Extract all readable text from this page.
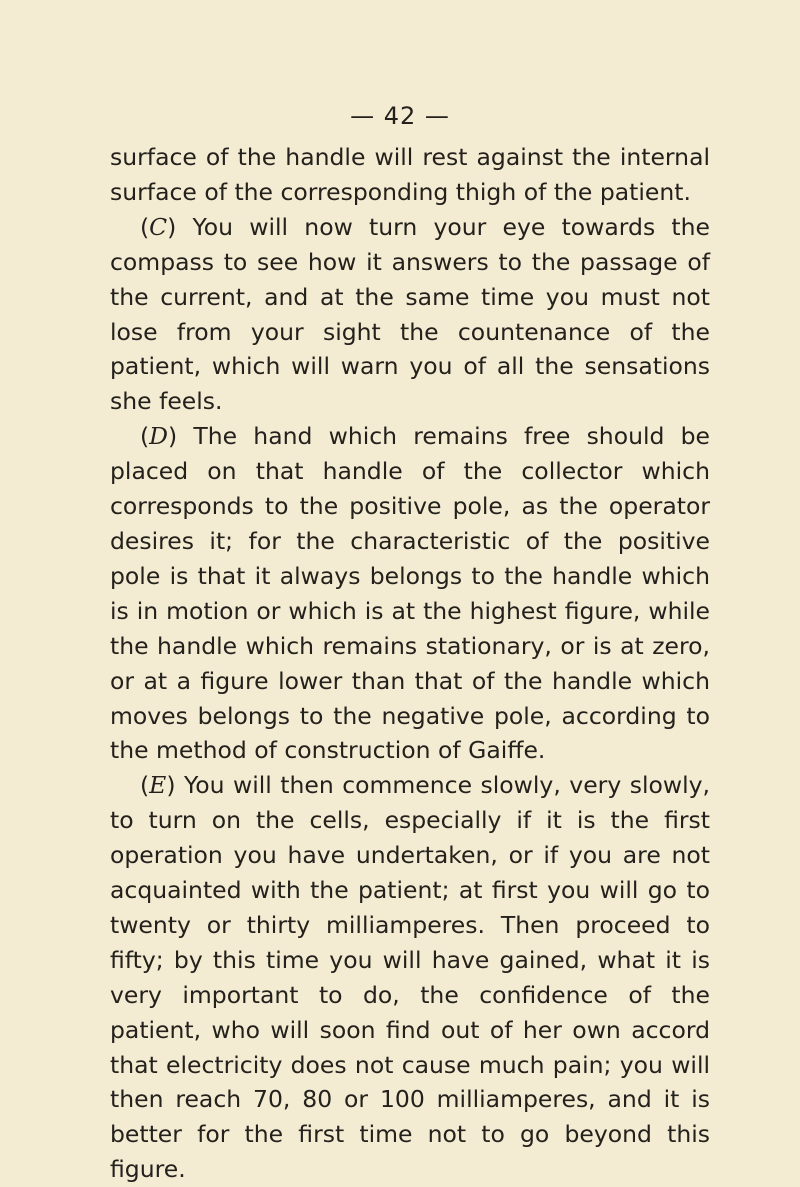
— 42 —

surface of the handle will rest against the internal surface of the corresponding thigh of the patient.

(C) You will now turn your eye towards the compass to see how it answers to the passage of the current, and at the same time you must not lose from your sight the countenance of the patient, which will warn you of all the sensations she feels.

(D) The hand which remains free should be placed on that handle of the collector which corresponds to the positive pole, as the operator desires it; for the characteristic of the positive pole is that it always belongs to the handle which is in motion or which is at the highest figure, while the handle which remains stationary, or is at zero, or at a figure lower than that of the handle which moves belongs to the negative pole, according to the method of construction of Gaiffe.

(E) You will then commence slowly, very slowly, to turn on the cells, especially if it is the first operation you have undertaken, or if you are not acquainted with the patient; at first you will go to twenty or thirty milliamperes. Then proceed to fifty; by this time you will have gained, what it is very important to do, the confidence of the patient, who will soon find out of her own accord that electricity does not cause much pain; you will then reach 70, 80 or 100 milliamperes, and it is better for the first time not to go beyond this figure.
